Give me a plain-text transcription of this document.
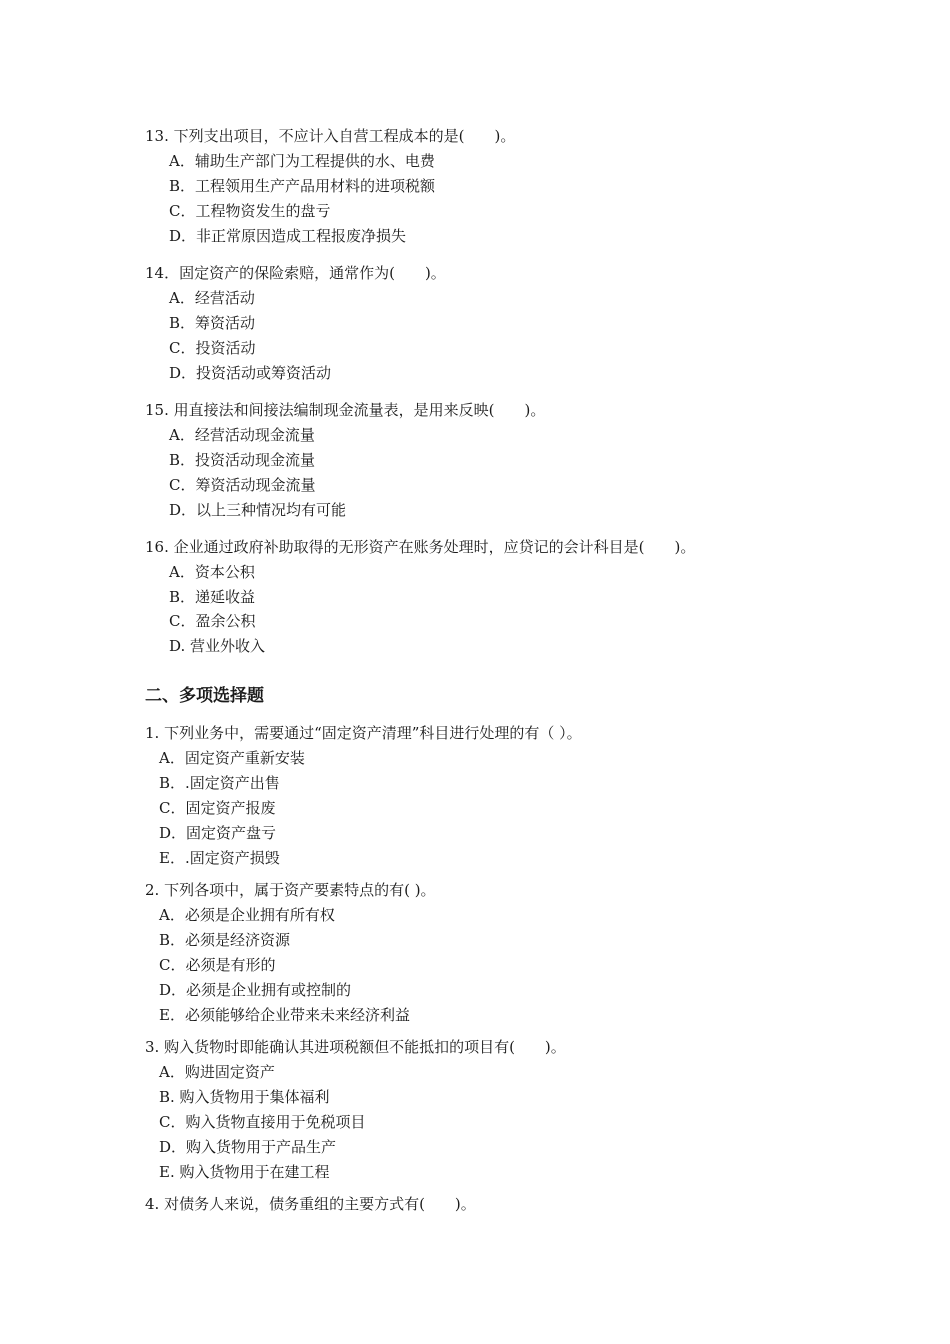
13. 下列支出项目，不应计入自营工程成本的是(　　)。
A．辅助生产部门为工程提供的水、电费
B．工程领用生产产品用材料的进项税额
C．工程物资发生的盘亏
D．非正常原因造成工程报废净损失
14．固定资产的保险索赔，通常作为(　　)。
A．经营活动
B．筹资活动
C．投资活动
D．投资活动或筹资活动
15. 用直接法和间接法编制现金流量表，是用来反映(　　)。
A．经营活动现金流量
B．投资活动现金流量
C．筹资活动现金流量
D．以上三种情况均有可能
16. 企业通过政府补助取得的无形资产在账务处理时，应贷记的会计科目是(　　)。
A．资本公积
B．递延收益
C．盈余公积
D. 营业外收入
二、多项选择题
1. 下列业务中，需要通过“固定资产清理”科目进行处理的有（ ）。
A．固定资产重新安装
B．.固定资产出售
C．固定资产报废
D．固定资产盘亏
E．.固定资产损毁
2. 下列各项中，属于资产要素特点的有( )。
A．必须是企业拥有所有权
B．必须是经济资源
C．必须是有形的
D．必须是企业拥有或控制的
E．必须能够给企业带来未来经济利益
3. 购入货物时即能确认其进项税额但不能抵扣的项目有(　　)。
A．购进固定资产
B. 购入货物用于集体福利
C．购入货物直接用于免税项目
D．购入货物用于产品生产
E. 购入货物用于在建工程
4. 对债务人来说，债务重组的主要方式有(　　)。
